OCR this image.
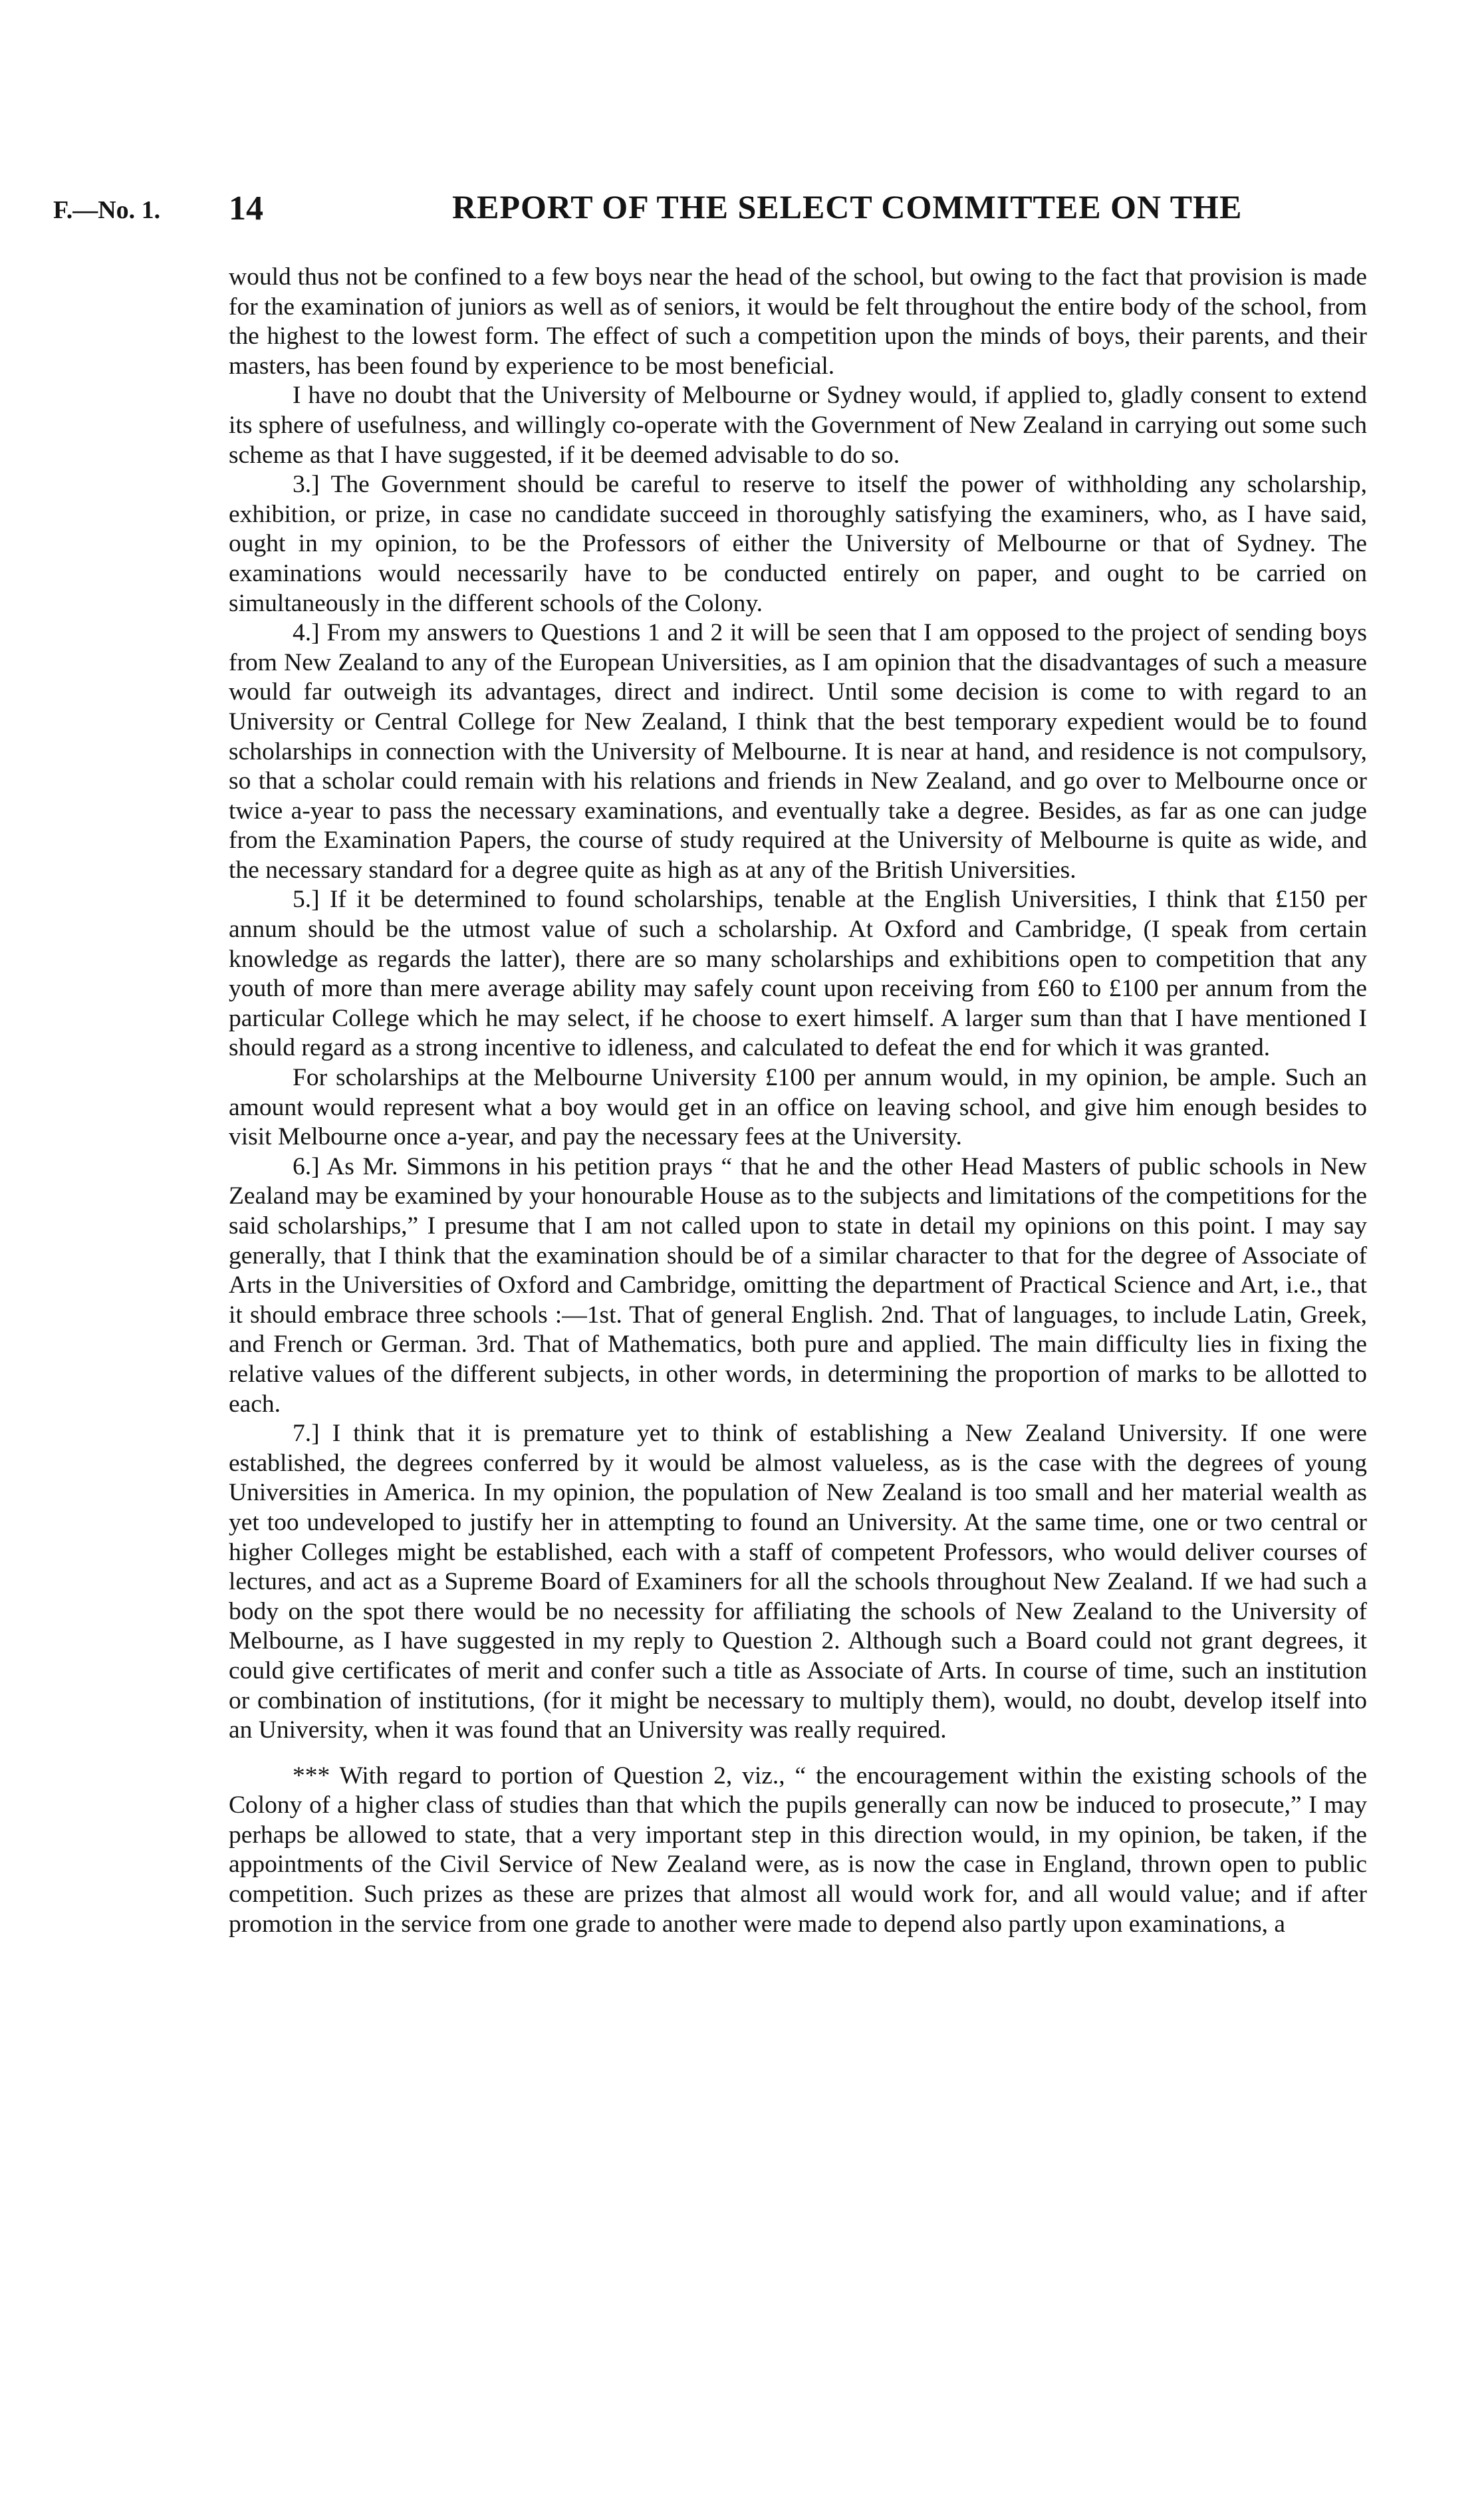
F.—No. 1. 14	REPORT OF THE SELECT COMMITTEE ON THE

would thus not be confined to a few boys near the head of the school, but owing to the fact that provision is made for the examination of juniors as well as of seniors, it would be felt throughout the entire body of the school, from the highest to the lowest form. The effect of such a competition upon the minds of boys, their parents, and their masters, has been found by experience to be most beneficial.

I have no doubt that the University of Melbourne or Sydney would, if applied to, gladly consent to extend its sphere of usefulness, and willingly co-operate with the Government of New Zealand in carrying out some such scheme as that I have suggested, if it be deemed advisable to do so.

3.] The Government should be careful to reserve to itself the power of withholding any scholarship, exhibition, or prize, in case no candidate succeed in thoroughly satisfying the examiners, who, as I have said, ought in my opinion, to be the Professors of either the University of Melbourne or that of Sydney. The examinations would necessarily have to be conducted entirely on paper, and ought to be carried on simultaneously in the different schools of the Colony.

4.] From my answers to Questions 1 and 2 it will be seen that I am opposed to the project of sending boys from New Zealand to any of the European Universities, as I am opinion that the disadvantages of such a measure would far outweigh its advantages, direct and indirect. Until some decision is come to with regard to an University or Central College for New Zealand, I think that the best temporary expedient would be to found scholarships in connection with the University of Melbourne. It is near at hand, and residence is not compulsory, so that a scholar could remain with his relations and friends in New Zealand, and go over to Melbourne once or twice a-year to pass the necessary examinations, and eventually take a degree. Besides, as far as one can judge from the Examination Papers, the course of study required at the University of Melbourne is quite as wide, and the necessary standard for a degree quite as high as at any of the British Universities.

5.] If it be determined to found scholarships, tenable at the English Universities, I think that £150 per annum should be the utmost value of such a scholarship. At Oxford and Cambridge, (I speak from certain knowledge as regards the latter), there are so many scholarships and exhibitions open to competition that any youth of more than mere average ability may safely count upon receiving from £60 to £100 per annum from the particular College which he may select, if he choose to exert himself. A larger sum than that I have mentioned I should regard as a strong incentive to idleness, and calculated to defeat the end for which it was granted.

For scholarships at the Melbourne University £100 per annum would, in my opinion, be ample. Such an amount would represent what a boy would get in an office on leaving school, and give him enough besides to visit Melbourne once a-year, and pay the necessary fees at the University.

6.] As Mr. Simmons in his petition prays “ that he and the other Head Masters of public schools in New Zealand may be examined by your honourable House as to the subjects and limitations of the competitions for the said scholarships,” I presume that I am not called upon to state in detail my opinions on this point. I may say generally, that I think that the examination should be of a similar character to that for the degree of Associate of Arts in the Universities of Oxford and Cambridge, omitting the department of Practical Science and Art, i.e., that it should embrace three schools :—1st. That of general English. 2nd. That of languages, to include Latin, Greek, and French or German. 3rd. That of Mathematics, both pure and applied. The main difficulty lies in fixing the relative values of the different subjects, in other words, in determining the proportion of marks to be allotted to each.

7.] I think that it is premature yet to think of establishing a New Zealand University. If one were established, the degrees conferred by it would be almost valueless, as is the case with the degrees of young Universities in America. In my opinion, the population of New Zealand is too small and her material wealth as yet too undeveloped to justify her in attempting to found an University. At the same time, one or two central or higher Colleges might be established, each with a staff of competent Professors, who would deliver courses of lectures, and act as a Supreme Board of Examiners for all the schools throughout New Zealand. If we had such a body on the spot there would be no necessity for affiliating the schools of New Zealand to the University of Melbourne, as I have suggested in my reply to Question 2. Although such a Board could not grant degrees, it could give certificates of merit and confer such a title as Associate of Arts. In course of time, such an institution or combination of institutions, (for it might be necessary to multiply them), would, no doubt, develop itself into an University, when it was found that an University was really required.

*** With regard to portion of Question 2, viz., “ the encouragement within the existing schools of the Colony of a higher class of studies than that which the pupils generally can now be induced to prosecute,” I may perhaps be allowed to state, that a very important step in this direction would, in my opinion, be taken, if the appointments of the Civil Service of New Zealand were, as is now the case in England, thrown open to public competition. Such prizes as these are prizes that almost all would work for, and all would value; and if after promotion in the service from one grade to another were made to depend also partly upon examinations, a
